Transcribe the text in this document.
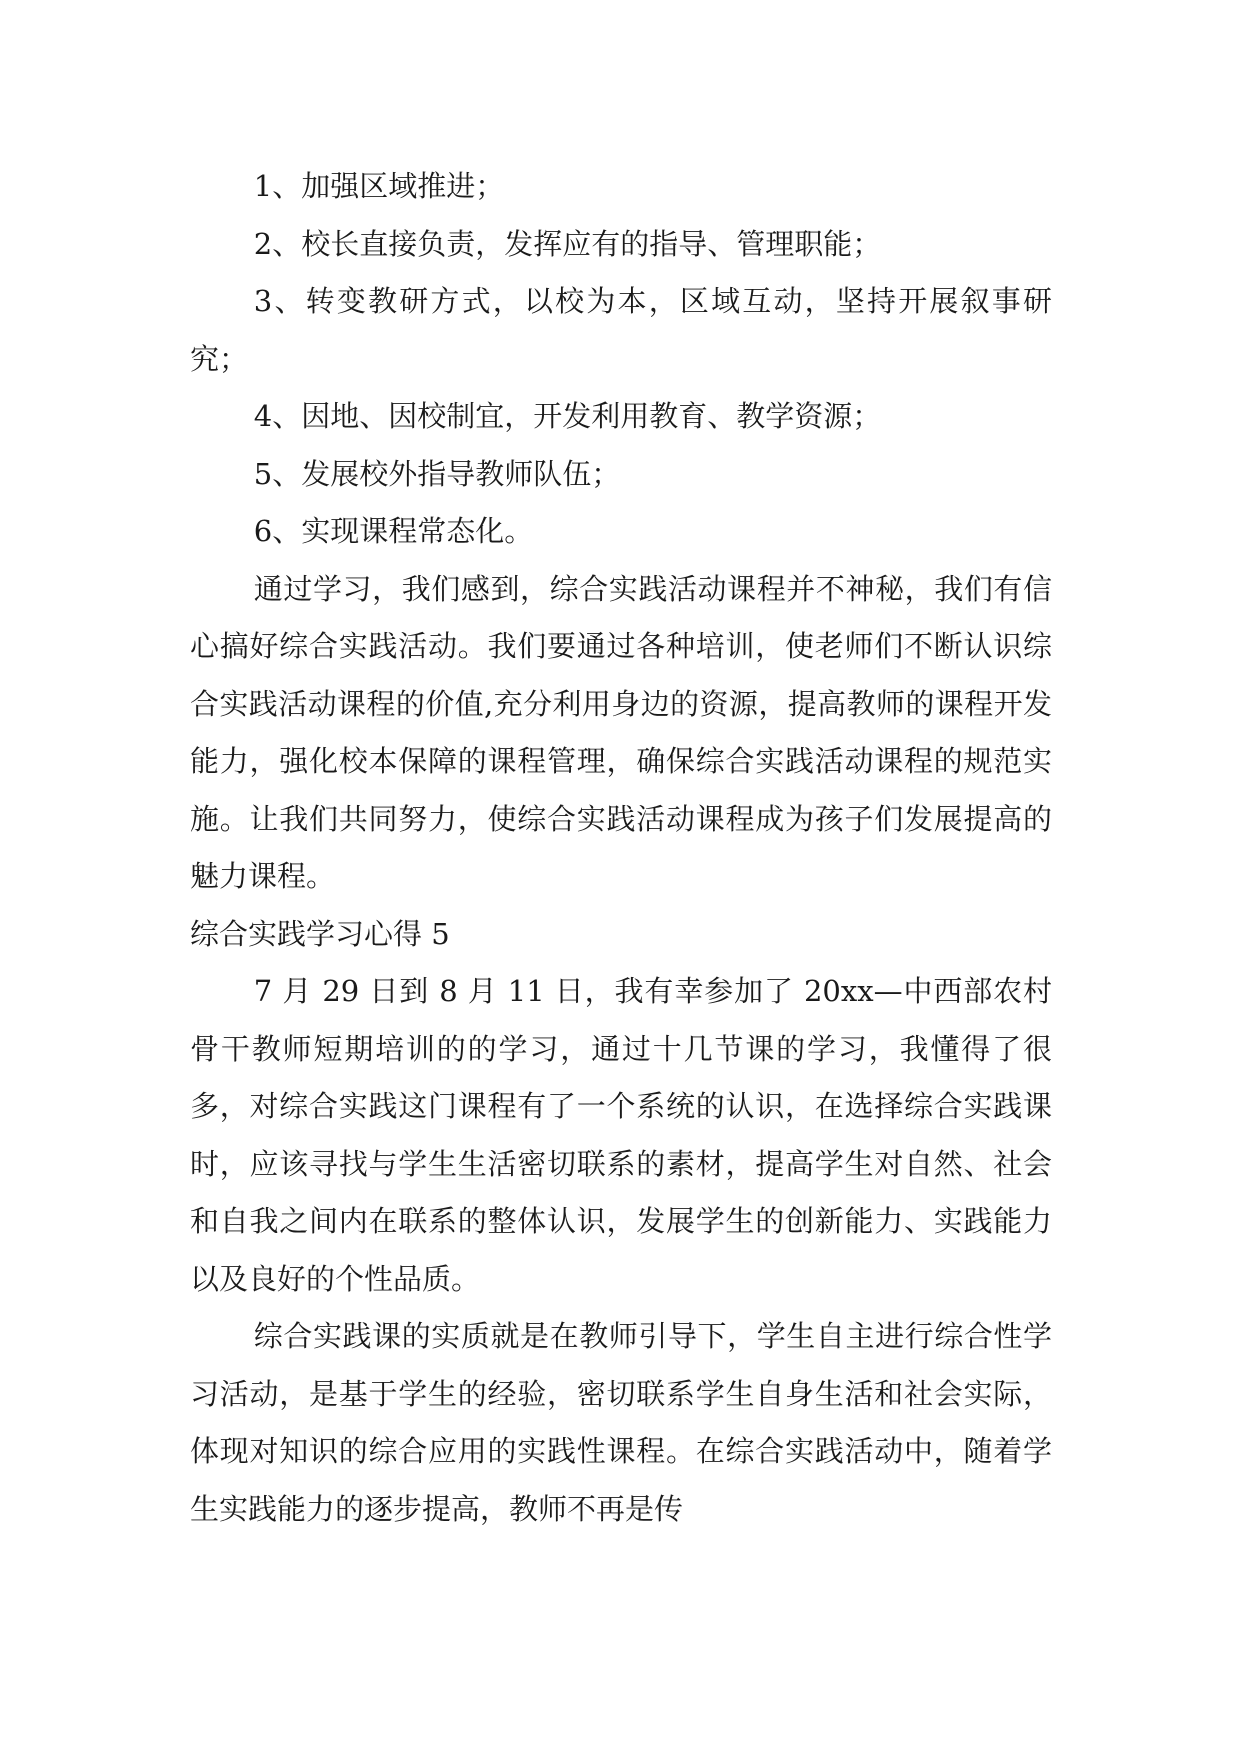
1、加强区域推进；

2、校长直接负责，发挥应有的指导、管理职能；

3、转变教研方式，以校为本，区域互动，坚持开展叙事研究；

4、因地、因校制宜，开发利用教育、教学资源；

5、发展校外指导教师队伍；

6、实现课程常态化。

通过学习，我们感到，综合实践活动课程并不神秘，我们有信心搞好综合实践活动。我们要通过各种培训，使老师们不断认识综合实践活动课程的价值,充分利用身边的资源，提高教师的课程开发能力，强化校本保障的课程管理，确保综合实践活动课程的规范实施。让我们共同努力，使综合实践活动课程成为孩子们发展提高的魅力课程。

综合实践学习心得 5

7 月 29 日到 8 月 11 日，我有幸参加了 20xx—中西部农村骨干教师短期培训的的学习，通过十几节课的学习，我懂得了很多，对综合实践这门课程有了一个系统的认识，在选择综合实践课时，应该寻找与学生生活密切联系的素材，提高学生对自然、社会和自我之间内在联系的整体认识，发展学生的创新能力、实践能力以及良好的个性品质。

综合实践课的实质就是在教师引导下，学生自主进行综合性学习活动，是基于学生的经验，密切联系学生自身生活和社会实际，体现对知识的综合应用的实践性课程。在综合实践活动中，随着学生实践能力的逐步提高，教师不再是传
